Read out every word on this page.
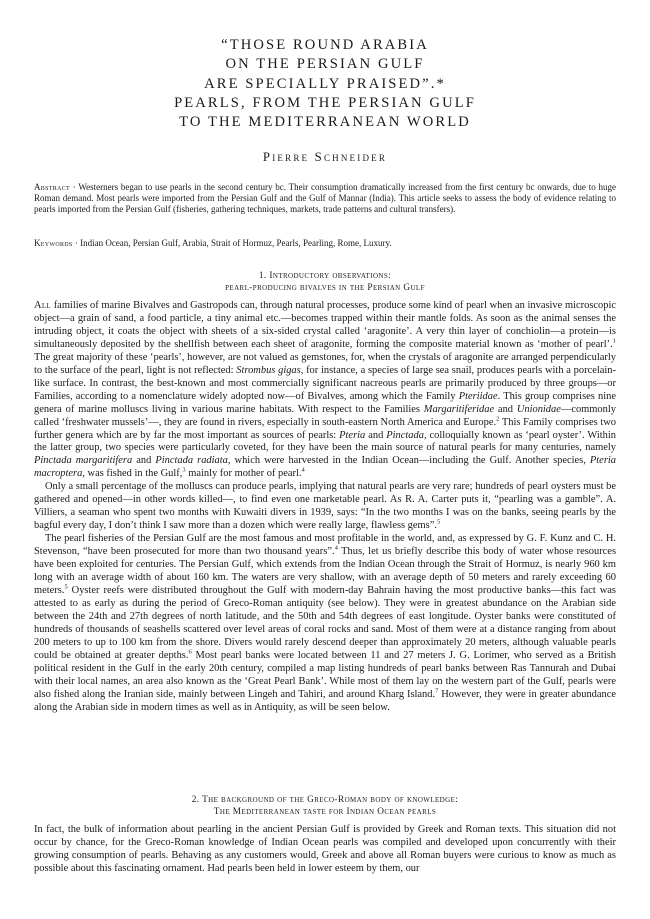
“THOSE ROUND ARABIA
ON THE PERSIAN GULF
ARE SPECIALLY PRAISED”.*
PEARLS, FROM THE PERSIAN GULF
TO THE MEDITERRANEAN WORLD
Pierre Schneider
Abstract · Westerners began to use pearls in the second century bc. Their consumption dramatically increased from the first century bc onwards, due to huge Roman demand. Most pearls were imported from the Persian Gulf and the Gulf of Mannar (India). This article seeks to assess the body of evidence relating to pearls imported from the Persian Gulf (fisheries, gathering techniques, markets, trade patterns and cultural transfers).
Keywords · Indian Ocean, Persian Gulf, Arabia, Strait of Hormuz, Pearls, Pearling, Rome, Luxury.
1. Introductory observations:
pearl-producing bivalves in the Persian Gulf

All families of marine Bivalves and Gastropods can, through natural processes, produce some kind of pearl when an invasive microscopic object—a grain of sand, a food particle, a tiny animal etc.—becomes trapped within their mantle folds. As soon as the animal senses the intruding object, it coats the object with sheets of a six-sided crystal called ‘aragonite’. A very thin layer of conchiolin—a protein—is simultaneously deposited by the shellfish between each sheet of aragonite, forming the composite material known as ‘mother of pearl’.$^1$ The great majority of these ‘pearls’, however, are not valued as gemstones, for, when the crystals of aragonite are arranged perpendicularly to the surface of the pearl, light is not reflected: Strombus gigas, for instance, a species of large sea snail, produces pearls with a porcelain-like surface. In contrast, the best-known and most commercially significant nacreous pearls are primarily produced by three groups—or Families, according to a nomenclature widely adopted now—of Bivalves, among which the Family Pteriidae. This group comprises nine genera of marine molluscs living in various marine habitats. With respect to the Families Margaritiferidae and Unionidae—commonly called ‘freshwater mussels’—, they are found in rivers, especially in south-eastern North America and Europe.$^2$ This Family comprises two further genera which are by far the most important as sources of pearls: Pteria and Pinctada, colloquially known as ‘pearl oyster’. Within the latter group, two species were particularly coveted, for they have been the main source of natural pearls for many centuries, namely Pinctada margaritifera and Pinctada radiata, which were harvested in the Indian Ocean—including the Gulf. Another species, Pteria macroptera, was fished in the Gulf,$^3$ mainly for mother of pearl.$^4$

Only a small percentage of the molluscs can produce pearls, implying that natural pearls are very rare; hundreds of pearl oysters must be gathered and opened—in other words killed—, to find even one marketable pearl. As R. A. Carter puts it, “pearling was a gamble”. A. Villiers, a seaman who spent two months with Kuwaiti divers in 1939, says: “In the two months I was on the banks, seeing pearls by the bagful every day, I don’t think I saw more than a dozen which were really large, flawless gems”.$^5$

The pearl fisheries of the Persian Gulf are the most famous and most profitable in the world, and, as expressed by G. F. Kunz and C. H. Stevenson, “have been prosecuted for more than two thousand years”.$^4$ Thus, let us briefly describe this body of water whose resources have been exploited for centuries. The Persian Gulf, which extends from the Indian Ocean through the Strait of Hormuz, is nearly 960 km long with an average width of about 160 km. The waters are very shallow, with an average depth of 50 meters and rarely exceeding 60 meters.$^5$ Oyster reefs were distributed throughout the Gulf with modern-day Bahrain having the most productive banks—this fact was attested to as early as during the period of Greco-Roman antiquity (see below). They were in greatest abundance on the Arabian side between the 24th and 27th degrees of north latitude, and the 50th and 54th degrees of east longitude. Oyster banks were constituted of hundreds of thousands of seashells scattered over level areas of coral rocks and sand. Most of them were at a distance ranging from about 200 meters to up to 100 km from the shore. Divers would rarely descend deeper than approximately 20 meters, although valuable pearls could be obtained at greater depths.$^6$ Most pearl banks were located between 11 and 27 meters J. G. Lorimer, who served as a British political resident in the Gulf in the early 20th century, compiled a map listing hundreds of pearl banks between Ras Tannurah and Dubai with their local names, an area also known as the ‘Great Pearl Bank’. While most of them lay on the western part of the Gulf, pearls were also fished along the Iranian side, mainly between Lingeh and Tahiri, and around Kharg Island.$^7$ However, they were in greater abundance along the Arabian side in modern times as well as in Antiquity, as will be seen below.

2. The background of the Greco-Roman body of knowledge:
The Mediterranean taste for Indian Ocean pearls

In fact, the bulk of information about pearling in the ancient Persian Gulf is provided by Greek and Roman texts. This situation did not occur by chance, for the Greco-Roman knowledge of Indian Ocean pearls was compiled and developed upon concurrently with their growing consumption of pearls. Behaving as any customers would, Greek and above all Roman buyers were curious to know as much as possible about this fascinating ornament. Had pearls been held in lower esteem by them, our
